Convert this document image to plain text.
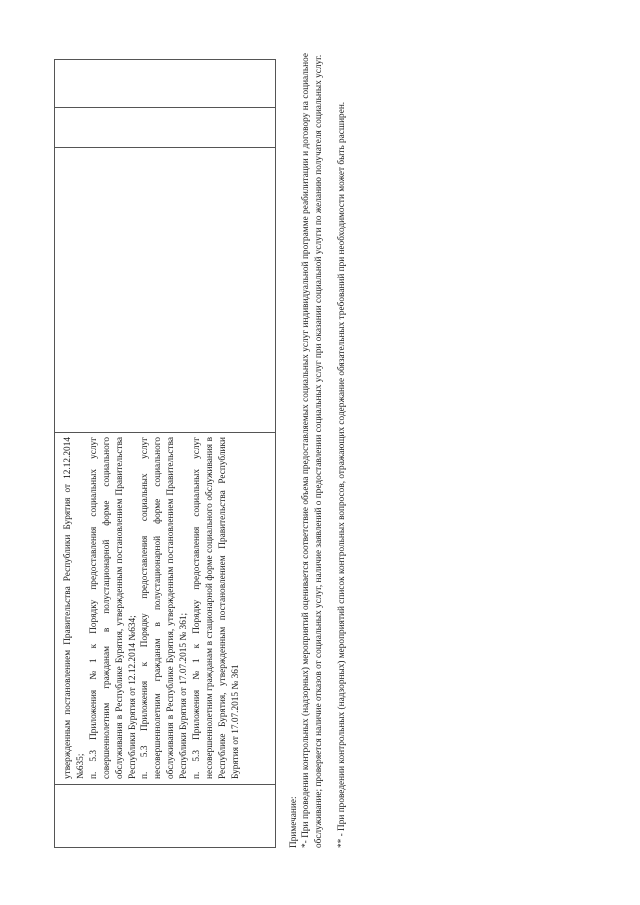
утвержденным постановлением Правительства Республики Бурятия от 12.12.2014 №635;
п. 5.3 Приложения №1 к Порядку предоставления социальных услуг совершеннолетним гражданам в полустационарной форме социального обслуживания в Республике Бурятия, утвержденным постановлением Правительства Республики Бурятия от 12.12.2014 №634;
п. 5.3 Приложения к Порядку предоставления социальных услуг несовершеннолетним гражданам в полустационарной форме социального обслуживания в Республике Бурятия, утвержденным постановлением Правительства Республики Бурятия от 17.07.2015 № 361;
п. 5.3 Приложения №1 к Порядку предоставления социальных услуг несовершеннолетним гражданам в стационарной форме социального обслуживания в Республике Бурятия, утвержденным постановлением Правительства Республики Бурятия от 17.07.2015 № 361

Примечание: *- При проведении контрольных (надзорных) мероприятий оценивается соответствие объема предоставляемых социальных услуг индивидуальной программе реабилитации и договору на социальное обслуживание; проверяется наличие отказов от социальных услуг, наличие заявлений о предоставлении социальных услуг при оказании социальной услуги по желанию получателя социальных услуг. ** - При проведении контрольных (надзорных) мероприятий список контрольных вопросов, отражающих содержание обязательных требований при необходимости может быть расширен.
